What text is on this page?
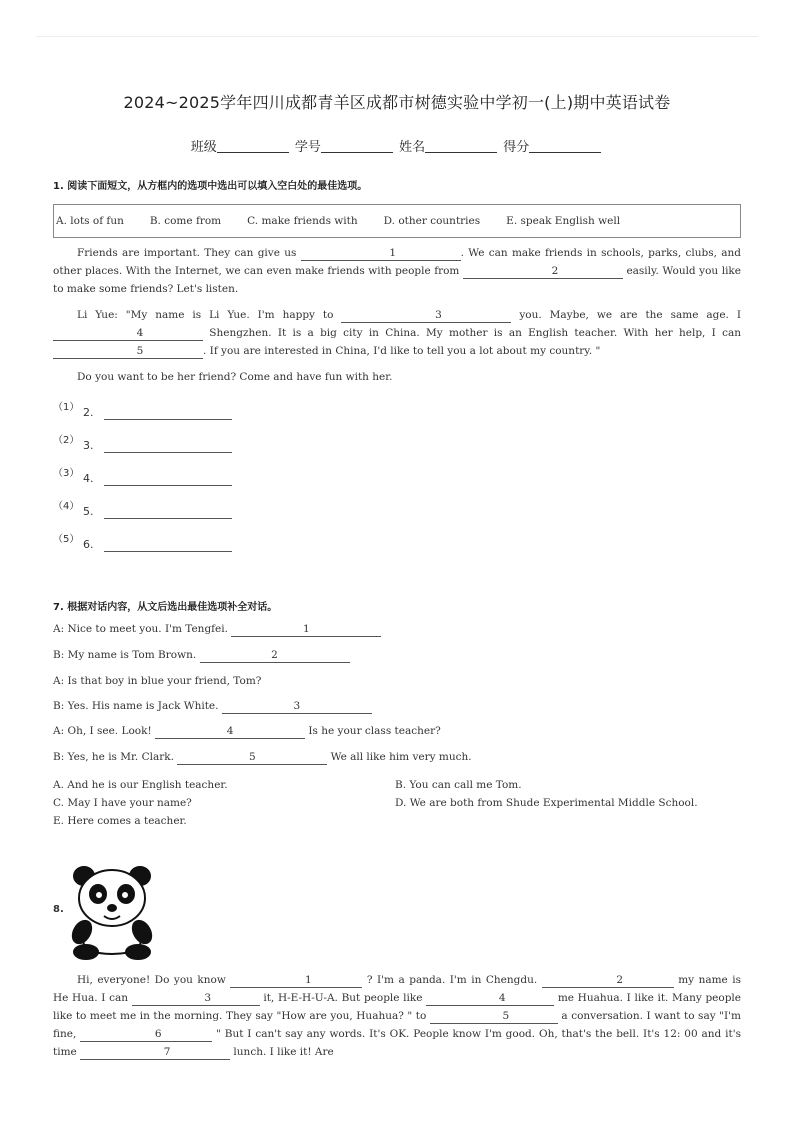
2024~2025学年四川成都青羊区成都市树德实验中学初一(上)期中英语试卷
班级	学号	姓名	得分
1. 阅读下面短文，从方框内的选项中选出可以填入空白处的最佳选项。
A. lots of fun B. come from C. make friends with D. other countries E. speak English well

Friends are important. They can give us	1	. We can make friends in schools, parks, clubs, and other places. With the Internet, we can even make friends with people from	2	easily. Would you like to make some friends? Let's listen.

Li Yue: "My name is Li Yue. I'm happy to	3	you. Maybe, we are the same age. I 4	Shengzhen. It is a big city in China. My mother is an English teacher. With her help, I can 5	. If you are interested in China, I'd like to tell you a lot about my country. "

Do you want to be her friend? Come and have fun with her.

（1） 2.
（2） 3.
（3） 4.
（4） 5.
（5） 6.
7. 根据对话内容，从文后选出最佳选项补全对话。
A: Nice to meet you. I'm Tengfei.	1
B: My name is Tom Brown.	2
A: Is that boy in blue your friend, Tom?
B: Yes. His name is Jack White.	3
A: Oh, I see. Look!	4	Is he your class teacher?
B: Yes, he is Mr. Clark.	5	We all like him very much.
A. And he is our English teacher.	B. You can call me Tom.
C. May I have your name?	D. We are both from Shude Experimental Middle School.
E. Here comes a teacher.
8.

Hi, everyone! Do you know	1	? I'm a panda. I'm in Chengdu.	2	my name is He Hua. I can	3	it, H-E-H-U-A. But people like	4	me Huahua. I like it. Many people like to meet me in the morning. They say "How are you, Huahua? " to	5	a conversation. I want to say "I'm fine,	6	" But I can't say any words. It's OK. People know I'm good. Oh, that's the bell. It's 12: 00 and it's time	7	lunch. I like it! Are
